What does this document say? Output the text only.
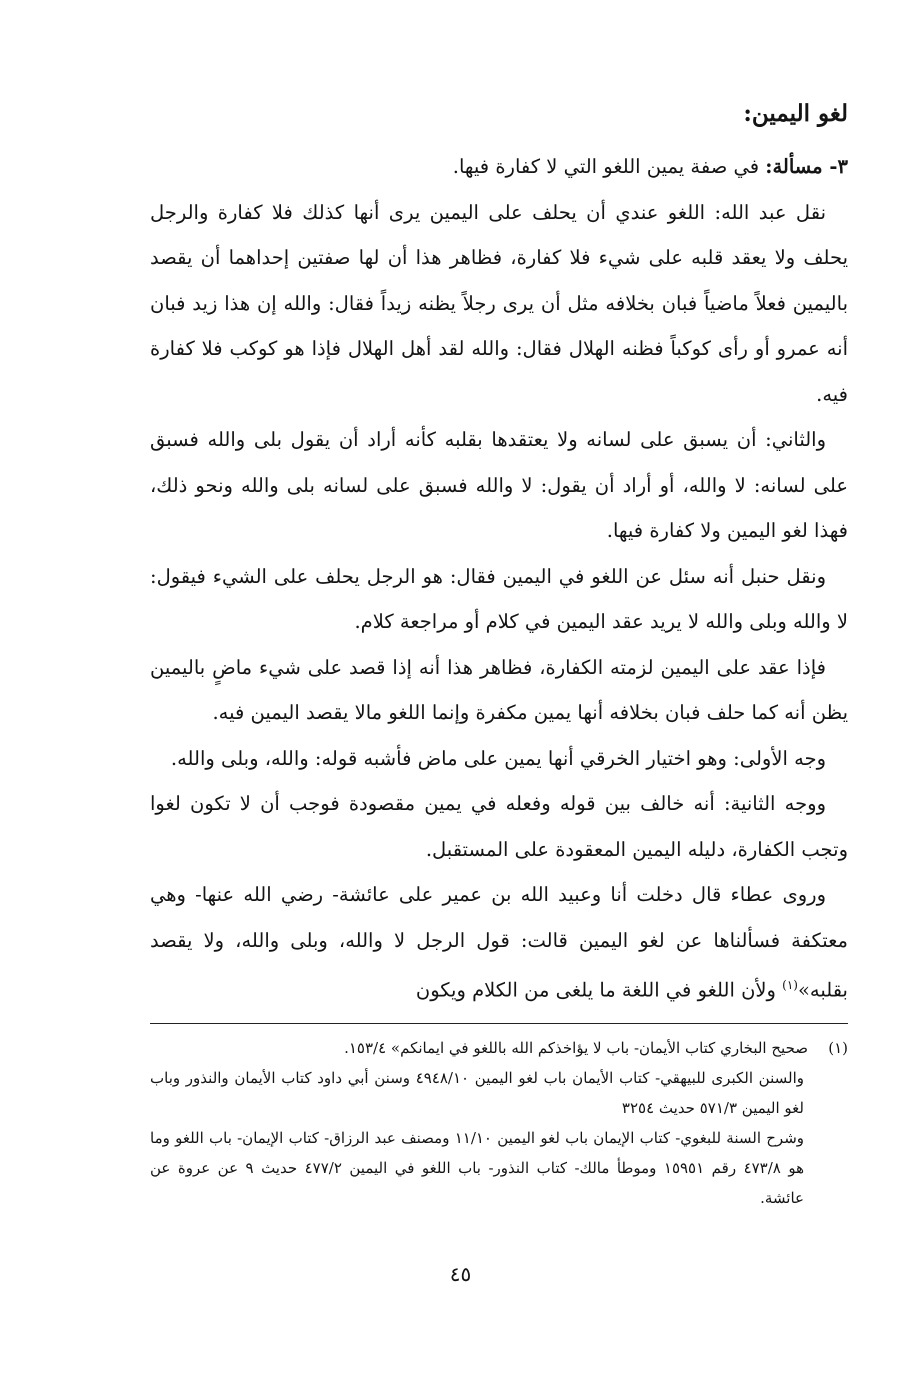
لغو اليمين:

٣- مسألة: في صفة يمين اللغو التي لا كفارة فيها.

نقل عبد الله: اللغو عندي أن يحلف على اليمين يرى أنها كذلك فلا كفارة والرجل يحلف ولا يعقد قلبه على شيء فلا كفارة، فظاهر هذا أن لها صفتين إحداهما أن يقصد باليمين فعلاً ماضياً فبان بخلافه مثل أن يرى رجلاً يظنه زيداً فقال: والله إن هذا زيد فبان أنه عمرو أو رأى كوكباً فظنه الهلال فقال: والله لقد أهل الهلال فإذا هو كوكب فلا كفارة فيه.

والثاني: أن يسبق على لسانه ولا يعتقدها بقلبه كأنه أراد أن يقول بلى والله فسبق على لسانه: لا والله، أو أراد أن يقول: لا والله فسبق على لسانه بلى والله ونحو ذلك، فهذا لغو اليمين ولا كفارة فيها.

ونقل حنبل أنه سئل عن اللغو في اليمين فقال: هو الرجل يحلف على الشيء فيقول: لا والله وبلى والله لا يريد عقد اليمين في كلام أو مراجعة كلام.

فإذا عقد على اليمين لزمته الكفارة، فظاهر هذا أنه إذا قصد على شيء ماضٍ باليمين يظن أنه كما حلف فبان بخلافه أنها يمين مكفرة وإنما اللغو مالا يقصد اليمين فيه.

وجه الأولى: وهو اختيار الخرقي أنها يمين على ماض فأشبه قوله: والله، وبلى والله.

ووجه الثانية: أنه خالف بين قوله وفعله في يمين مقصودة فوجب أن لا تكون لغوا وتجب الكفارة، دليله اليمين المعقودة على المستقبل.

وروى عطاء قال دخلت أنا وعبيد الله بن عمير على عائشة- رضي الله عنها- وهي معتكفة فسألناها عن لغو اليمين قالت: قول الرجل لا والله، وبلى والله، ولا يقصد بقلبه»$^{(١)}$ ولأن اللغو في اللغة ما يلغى من الكلام ويكون

(١)صحيح البخاري كتاب الأيمان- باب لا يؤاخذكم الله باللغو في ايمانكم» ١٥٣/٤.

والسنن الكبرى للبيهقي- كتاب الأيمان باب لغو اليمين ٤٩٤٨/١٠ وسنن أبي داود كتاب الأيمان والنذور وباب لغو اليمين ٥٧١/٣ حديث ٣٢٥٤

وشرح السنة للبغوي- كتاب الإيمان باب لغو اليمين ١١/١٠ ومصنف عبد الرزاق- كتاب الإيمان- باب اللغو وما هو ٤٧٣/٨ رقم ١٥٩٥١ وموطأ مالك- كتاب النذور- باب اللغو في اليمين ٤٧٧/٢ حديث ٩ عن عروة عن عائشة.

٤٥
